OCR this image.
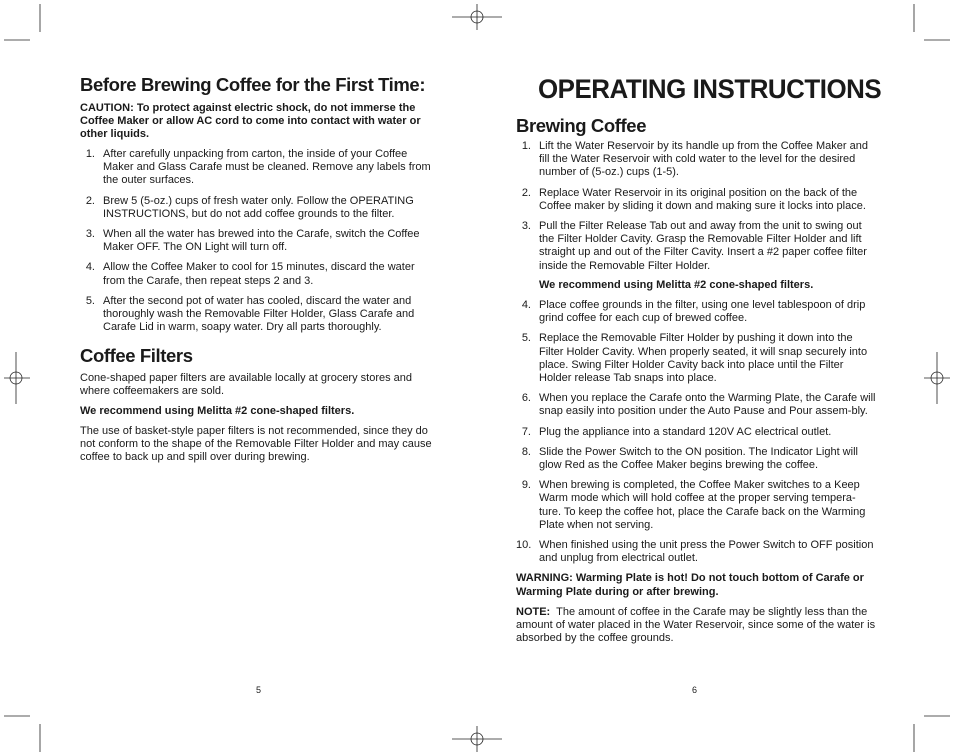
Before Brewing Coffee for the First Time:

CAUTION: To protect against electric shock, do not immerse the Coffee Maker or allow AC cord to come into contact with water or other liquids.

1. After carefully unpacking from carton, the inside of your Coffee Maker and Glass Carafe must be cleaned. Remove any labels from the outer surfaces.
2. Brew 5 (5-oz.) cups of fresh water only. Follow the OPERATING INSTRUCTIONS, but do not add coffee grounds to the filter.
3. When all the water has brewed into the Carafe, switch the Coffee Maker OFF. The ON Light will turn off.
4. Allow the Coffee Maker to cool for 15 minutes, discard the water from the Carafe, then repeat steps 2 and 3.
5. After the second pot of water has cooled, discard the water and thoroughly wash the Removable Filter Holder, Glass Carafe and Carafe Lid in warm, soapy water. Dry all parts thoroughly.
Coffee Filters

Cone-shaped paper filters are available locally at grocery stores and where coffeemakers are sold.

We recommend using Melitta #2 cone-shaped filters.

The use of basket-style paper filters is not recommended, since they do not conform to the shape of the Removable Filter Holder and may cause coffee to back up and spill over during brewing.

5
OPERATING INSTRUCTIONS
Brewing Coffee
1. Lift the Water Reservoir by its handle up from the Coffee Maker and fill the Water Reservoir with cold water to the level for the desired number of (5-oz.) cups (1-5).
2. Replace Water Reservoir in its original position on the back of the Coffee maker by sliding it down and making sure it locks into place.
3. Pull the Filter Release Tab out and away from the unit to swing out the Filter Holder Cavity. Grasp the Removable Filter Holder and lift straight up and out of the Filter Cavity. Insert a #2 paper coffee filter inside the Removable Filter Holder.

We recommend using Melitta #2 cone-shaped filters.

4. Place coffee grounds in the filter, using one level tablespoon of drip grind coffee for each cup of brewed coffee.
5. Replace the Removable Filter Holder by pushing it down into the Filter Holder Cavity. When properly seated, it will snap securely into place. Swing Filter Holder Cavity back into place until the Filter Holder release Tab snaps into place.
6. When you replace the Carafe onto the Warming Plate, the Carafe will snap easily into position under the Auto Pause and Pour assem-bly.
7. Plug the appliance into a standard 120V AC electrical outlet.
8. Slide the Power Switch to the ON position. The Indicator Light will glow Red as the Coffee Maker begins brewing the coffee.
9. When brewing is completed, the Coffee Maker switches to a Keep Warm mode which will hold coffee at the proper serving tempera-ture. To keep the coffee hot, place the Carafe back on the Warming Plate when not serving.
10. When finished using the unit press the Power Switch to OFF position and unplug from electrical outlet.

WARNING: Warming Plate is hot! Do not touch bottom of Carafe or Warming Plate during or after brewing.

NOTE: The amount of coffee in the Carafe may be slightly less than the amount of water placed in the Water Reservoir, since some of the water is absorbed by the coffee grounds.

6
